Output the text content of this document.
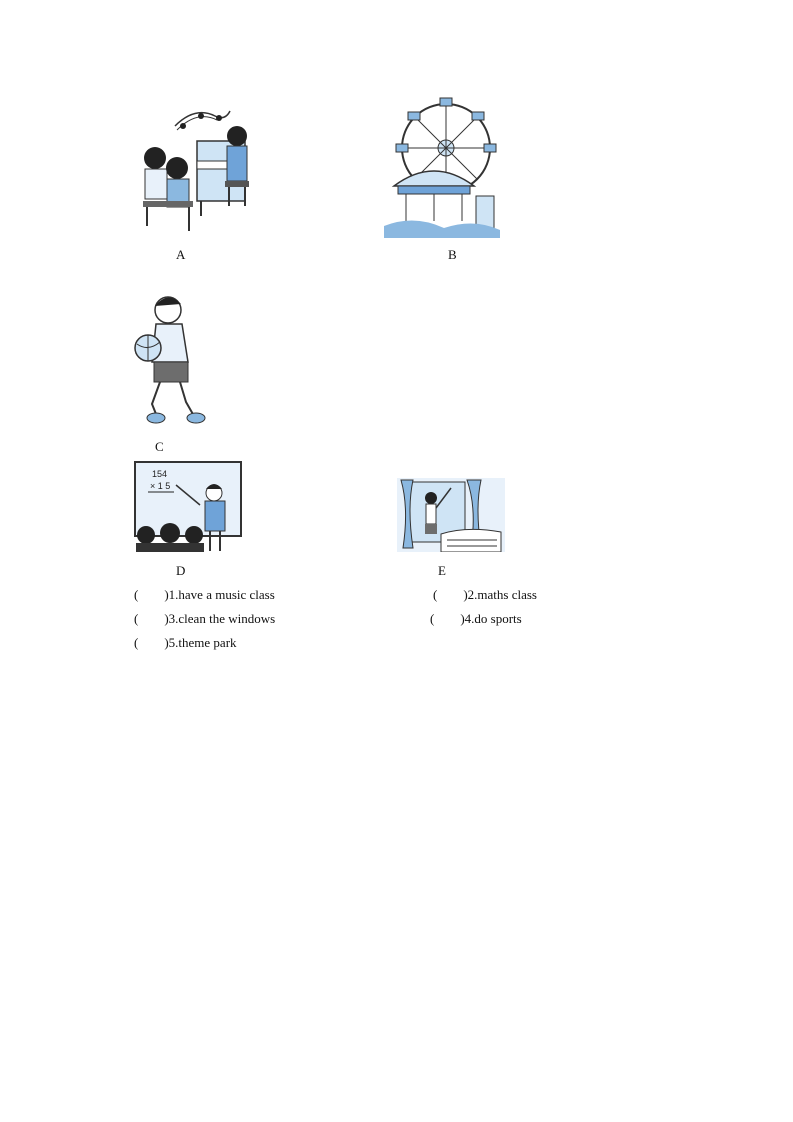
A	B
C
154
× 1 5
D	E
(        )1.have a music class	(        )2.maths class
(        )3.clean the windows	(        )4.do sports
(        )5.theme park
